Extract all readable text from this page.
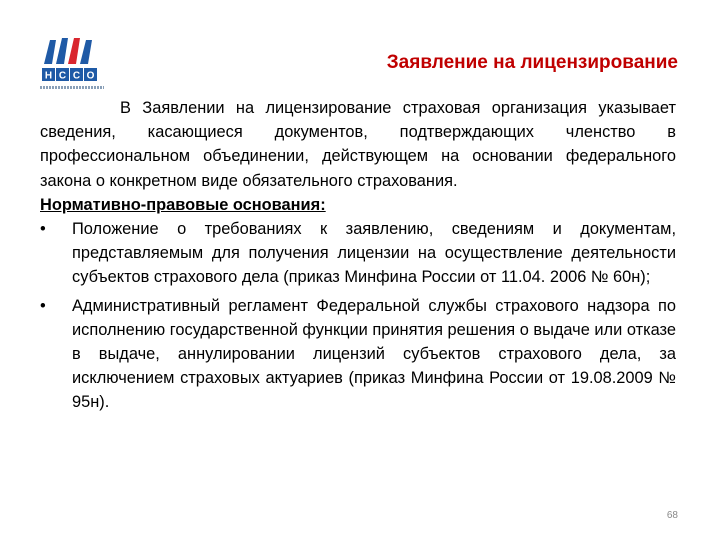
Н С С О
Заявление на лицензирование

В Заявлении на лицензирование страховая организация указывает сведения, касающиеся документов, подтверждающих членство в профессиональном объединении, действующем на основании федерального закона о конкретном виде обязательного страхования.

Нормативно-правовые основания:

•	Положение о требованиях к заявлению, сведениям и документам, представляемым для получения лицензии на осуществление деятельности субъектов страхового дела (приказ Минфина России от 11.04. 2006 № 60н);
•	Административный регламент Федеральной службы страхового надзора по исполнению государственной функции принятия решения о выдаче или отказе в выдаче, аннулировании лицензий субъектов страхового дела, за исключением страховых актуариев (приказ Минфина России от 19.08.2009 № 95н).
68
